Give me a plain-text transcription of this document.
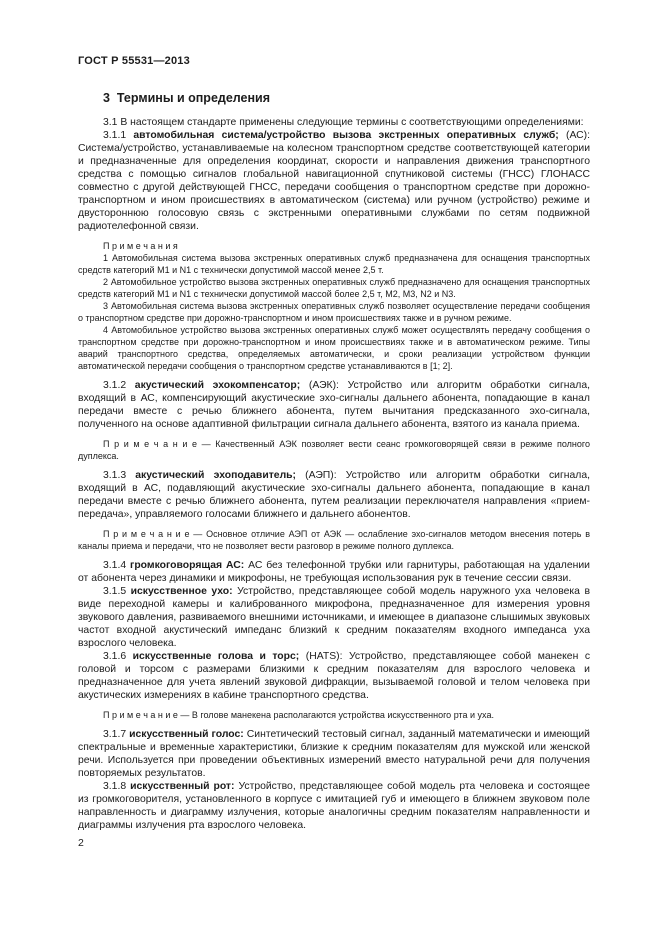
ГОСТ Р 55531—2013
3  Термины и определения

3.1 В настоящем стандарте применены следующие термины с соответствующими определениями:

3.1.1 автомобильная система/устройство вызова экстренных оперативных служб; (АС): Система/устройство, устанавливаемые на колесном транспортном средстве соответствующей категории и предназначенные для определения координат, скорости и направления движения транспортного средства с помощью сигналов глобальной навигационной спутниковой системы (ГНСС) ГЛОНАСС совместно с другой действующей ГНСС, передачи сообщения о транспортном средстве при дорожно-транспортном и ином происшествиях в автоматическом (система) или ручном (устройство) режиме и двустороннюю голосовую связь с экстренными оперативными службами по сетям подвижной радиотелефонной связи.

П р и м е ч а н и я

1 Автомобильная система вызова экстренных оперативных служб предназначена для оснащения транспортных средств категорий M1 и N1 с технически допустимой массой менее 2,5 т.

2 Автомобильное устройство вызова экстренных оперативных служб предназначено для оснащения транспортных средств категорий M1 и N1 с технически допустимой массой более 2,5 т, M2, M3, N2 и N3.

3 Автомобильная система вызова экстренных оперативных служб позволяет осуществление передачи сообщения о транспортном средстве при дорожно-транспортном и ином происшествиях также и в ручном режиме.

4 Автомобильное устройство вызова экстренных оперативных служб может осуществлять передачу сообщения о транспортном средстве при дорожно-транспортном и ином происшествиях также и в автоматическом режиме. Типы аварий транспортного средства, определяемых автоматически, и сроки реализации устройством функции автоматической передачи сообщения о транспортном средстве устанавливаются в [1; 2].

3.1.2 акустический эхокомпенсатор; (АЭК): Устройство или алгоритм обработки сигнала, входящий в АС, компенсирующий акустические эхо-сигналы дальнего абонента, попадающие в канал передачи вместе с речью ближнего абонента, путем вычитания предсказанного эхо-сигнала, полученного на основе адаптивной фильтрации сигнала дальнего абонента, взятого из канала приема.

П р и м е ч а н и е — Качественный АЭК позволяет вести сеанс громкоговорящей связи в режиме полного дуплекса.

3.1.3 акустический эхоподавитель; (АЭП): Устройство или алгоритм обработки сигнала, входящий в АС, подавляющий акустические эхо-сигналы дальнего абонента, попадающие в канал передачи вместе с речью ближнего абонента, путем реализации переключателя направления «прием-передача», управляемого голосами ближнего и дальнего абонентов.

П р и м е ч а н и е — Основное отличие АЭП от АЭК — ослабление эхо-сигналов методом внесения потерь в каналы приема и передачи, что не позволяет вести разговор в режиме полного дуплекса.

3.1.4 громкоговорящая АС: АС без телефонной трубки или гарнитуры, работающая на удалении от абонента через динамики и микрофоны, не требующая использования рук в течение сессии связи.

3.1.5 искусственное ухо: Устройство, представляющее собой модель наружного уха человека в виде переходной камеры и калиброванного микрофона, предназначенное для измерения уровня звукового давления, развиваемого внешними источниками, и имеющее в диапазоне слышимых звуковых частот входной акустический импеданс близкий к средним показателям входного импеданса уха взрослого человека.

3.1.6 искусственные голова и торс; (HATS): Устройство, представляющее собой манекен с головой и торсом с размерами близкими к средним показателям для взрослого человека и предназначенное для учета явлений звуковой дифракции, вызываемой головой и телом человека при акустических измерениях в кабине транспортного средства.

П р и м е ч а н и е — В голове манекена располагаются устройства искусственного рта и уха.

3.1.7 искусственный голос: Синтетический тестовый сигнал, заданный математически и имеющий спектральные и временные характеристики, близкие к средним показателям для мужской или женской речи. Используется при проведении объективных измерений вместо натуральной речи для получения повторяемых результатов.

3.1.8 искусственный рот: Устройство, представляющее собой модель рта человека и состоящее из громкоговорителя, установленного в корпусе с имитацией губ и имеющего в ближнем звуковом поле направленность и диаграмму излучения, которые аналогичны средним показателям направленности и диаграммы излучения рта взрослого человека.

2
